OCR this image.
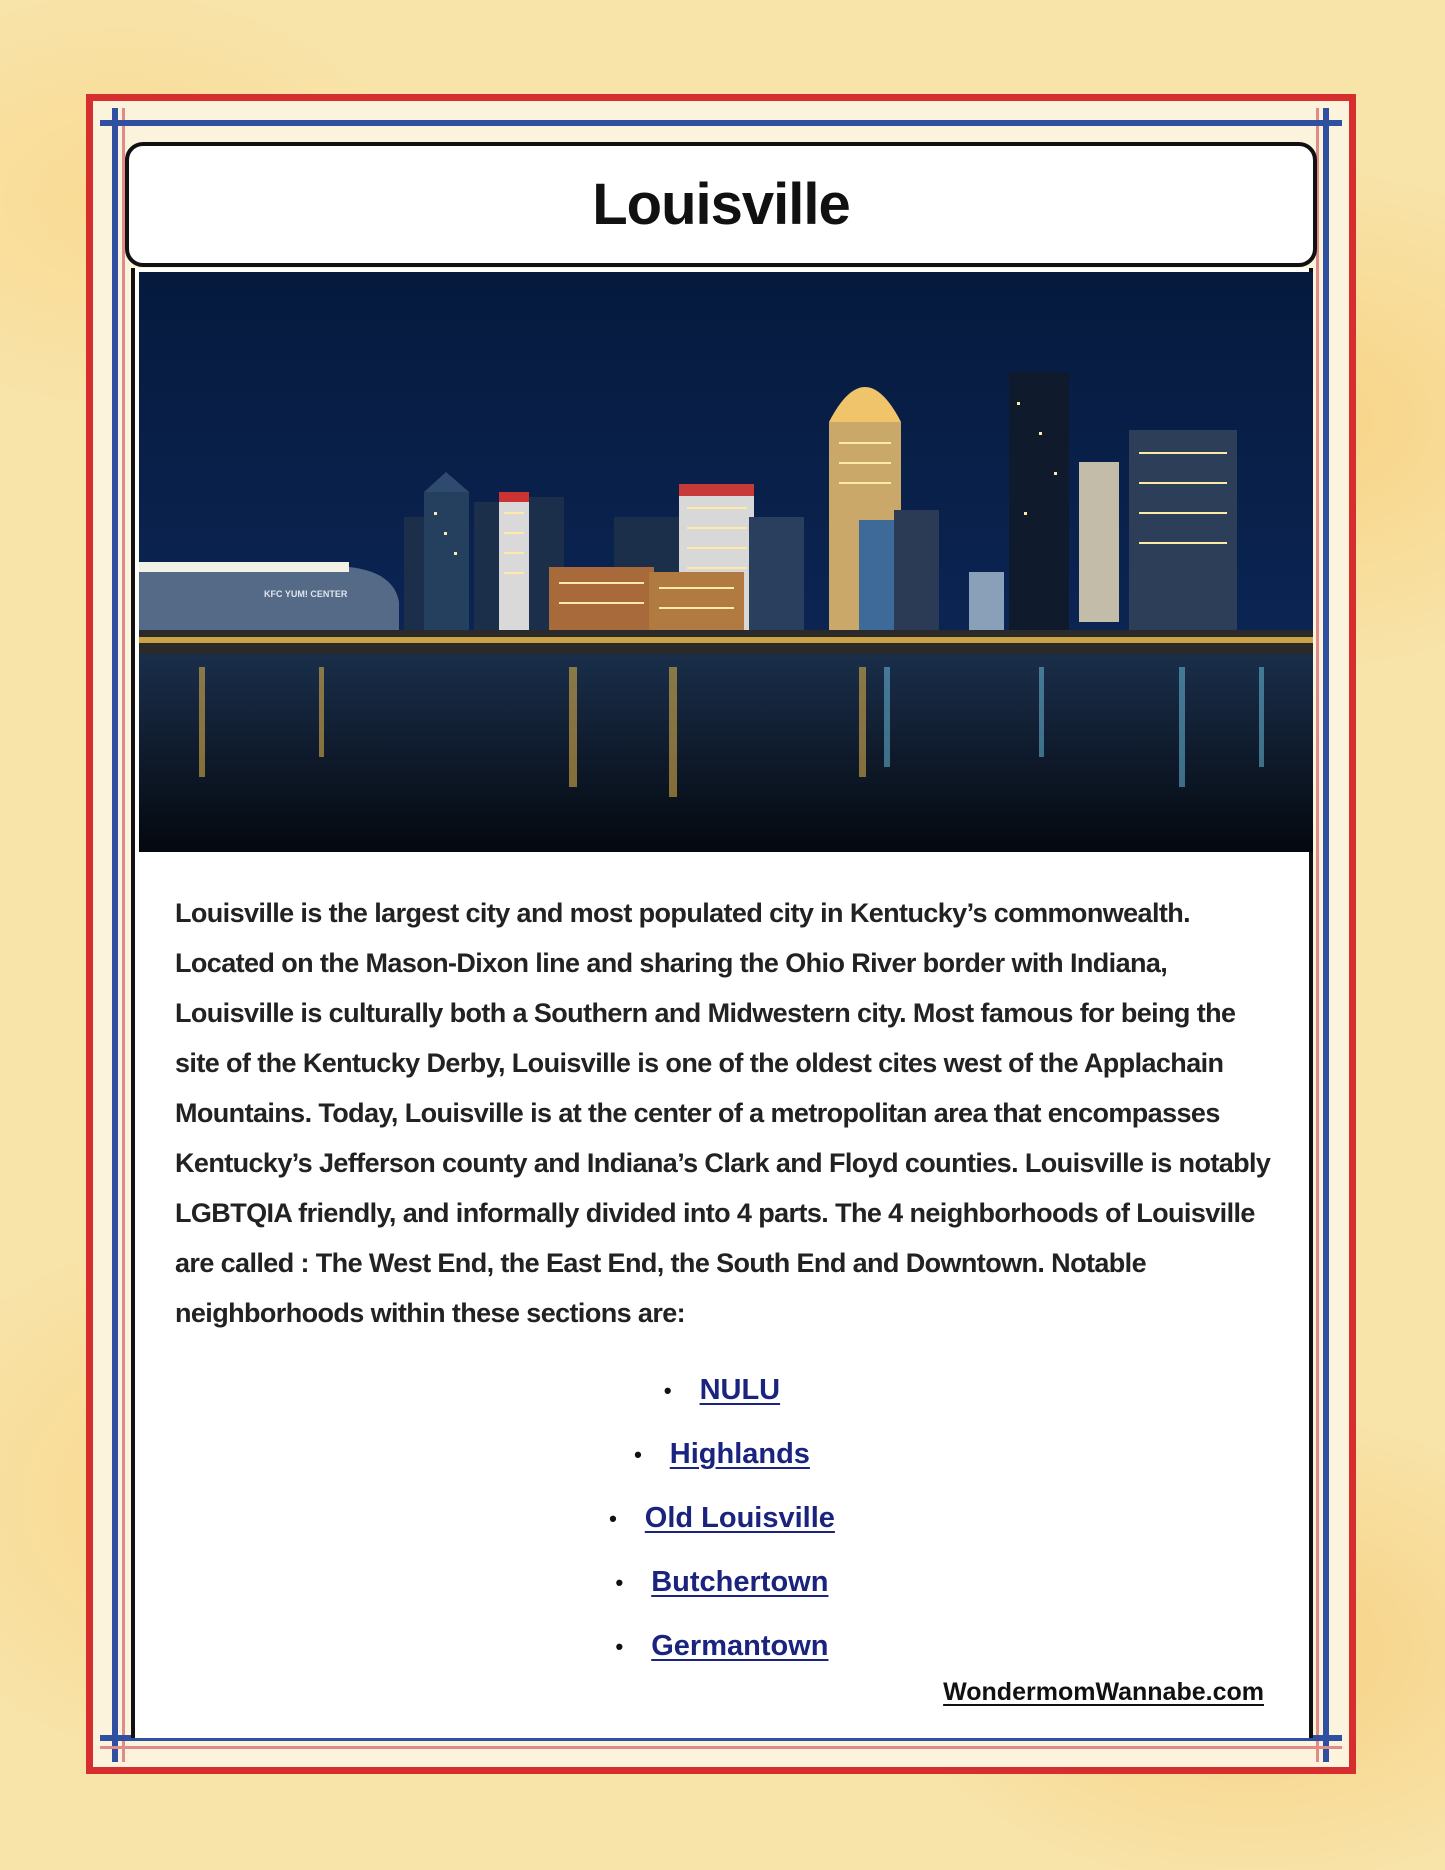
Louisville
KFC YUM! CENTER

Louisville is the largest city and most populated city in Kentucky’s commonwealth. Located on the Mason-Dixon line and sharing the Ohio River border with Indiana, Louisville is culturally both a Southern and Midwestern city. Most famous for being the site of the Kentucky Derby, Louisville is one of the oldest cites west of the Applachain Mountains. Today, Louisville is at the center of a metropolitan area that encompasses Kentucky’s Jefferson county and Indiana’s Clark and Floyd counties. Louisville is notably LGBTQIA friendly, and informally divided into 4 parts. The 4 neighborhoods of Louisville are called : The West End, the East End, the South End and Downtown. Notable neighborhoods within these sections are:

• NULU
• Highlands
• Old Louisville
• Butchertown
• Germantown
WondermomWannabe.com
